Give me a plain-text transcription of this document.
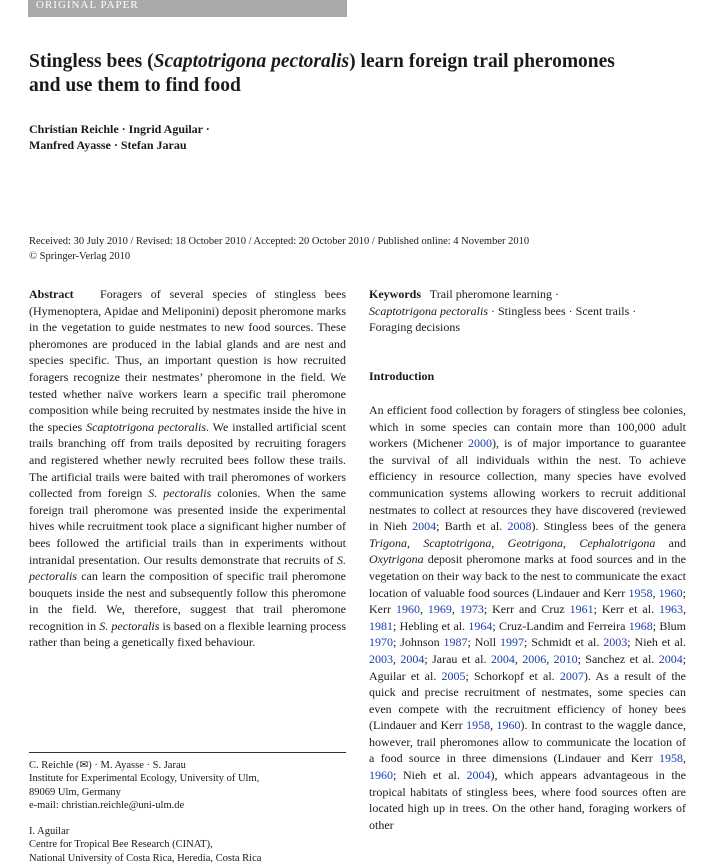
ORIGINAL PAPER
Stingless bees (Scaptotrigona pectoralis) learn foreign trail pheromones and use them to find food
Christian Reichle · Ingrid Aguilar ·
Manfred Ayasse · Stefan Jarau
Received: 30 July 2010 / Revised: 18 October 2010 / Accepted: 20 October 2010 / Published online: 4 November 2010
© Springer-Verlag 2010

Abstract Foragers of several species of stingless bees (Hymenoptera, Apidae and Meliponini) deposit pheromone marks in the vegetation to guide nestmates to new food sources. These pheromones are produced in the labial glands and are nest and species specific. Thus, an important question is how recruited foragers recognize their nestmates’ pheromone in the field. We tested whether naïve workers learn a specific trail pheromone composition while being recruited by nestmates inside the hive in the species Scaptotrigona pectoralis. We installed artificial scent trails branching off from trails deposited by recruiting foragers and registered whether newly recruited bees follow these trails. The artificial trails were baited with trail pheromones of workers collected from foreign S. pectoralis colonies. When the same foreign trail pheromone was presented inside the experimental hives while recruitment took place a significant higher number of bees followed the artificial trails than in experiments without intranidal presentation. Our results demonstrate that recruits of S. pectoralis can learn the composition of specific trail pheromone bouquets inside the nest and subsequently follow this pheromone in the field. We, therefore, suggest that trail pheromone recognition in S. pectoralis is based on a flexible learning process rather than being a genetically fixed behaviour.

Keywords Trail pheromone learning ·
Scaptotrigona pectoralis · Stingless bees · Scent trails ·
Foraging decisions
Introduction

An efficient food collection by foragers of stingless bee colonies, which in some species can contain more than 100,000 adult workers (Michener 2000), is of major importance to guarantee the survival of all individuals within the nest. To achieve efficiency in resource collection, many species have evolved communication systems allowing workers to recruit additional nestmates to collect at resources they have discovered (reviewed in Nieh 2004; Barth et al. 2008). Stingless bees of the genera Trigona, Scaptotrigona, Geotrigona, Cephalotrigona and Oxytrigona deposit pheromone marks at food sources and in the vegetation on their way back to the nest to communicate the exact location of valuable food sources (Lindauer and Kerr 1958, 1960; Kerr 1960, 1969, 1973; Kerr and Cruz 1961; Kerr et al. 1963, 1981; Hebling et al. 1964; Cruz-Landim and Ferreira 1968; Blum 1970; Johnson 1987; Noll 1997; Schmidt et al. 2003; Nieh et al. 2003, 2004; Jarau et al. 2004, 2006, 2010; Sanchez et al. 2004; Aguilar et al. 2005; Schorkopf et al. 2007). As a result of the quick and precise recruitment of nestmates, some species can even compete with the recruitment efficiency of honey bees (Lindauer and Kerr 1958, 1960). In contrast to the waggle dance, however, trail pheromones allow to communicate the location of a food source in three dimensions (Lindauer and Kerr 1958, 1960; Nieh et al. 2004), which appears advantageous in the tropical habitats of stingless bees, where food sources often are located high up in trees. On the other hand, foraging workers of other

C. Reichle (✉) · M. Ayasse · S. Jarau
Institute for Experimental Ecology, University of Ulm,
89069 Ulm, Germany
e-mail: christian.reichle@uni-ulm.de
I. Aguilar
Centre for Tropical Bee Research (CINAT),
National University of Costa Rica, Heredia, Costa Rica
